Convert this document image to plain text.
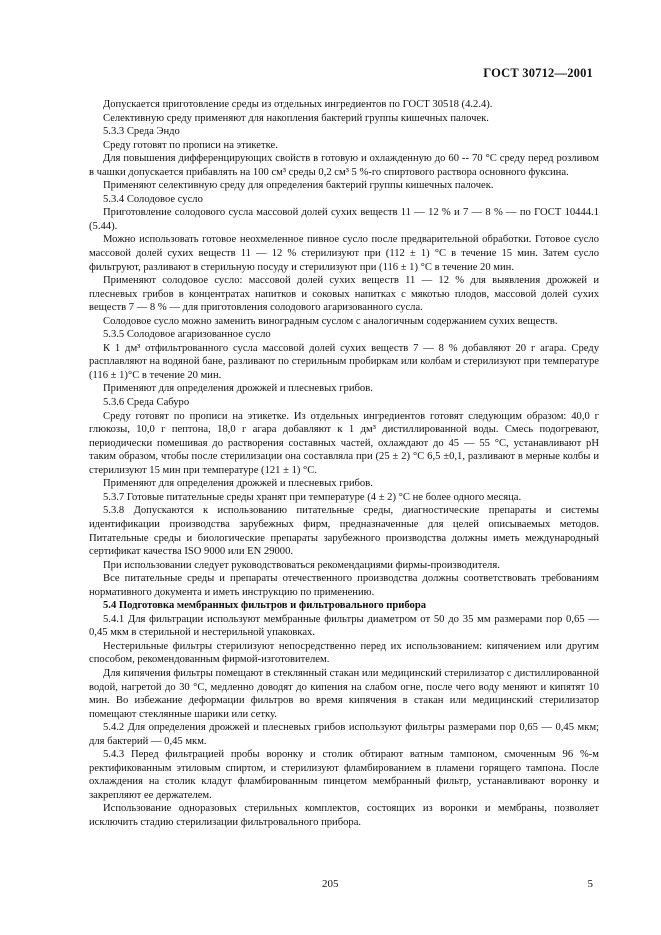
ГОСТ 30712—2001

Допускается приготовление среды из отдельных ингредиентов по ГОСТ 30518 (4.2.4).

Селективную среду применяют для накопления бактерий группы кишечных палочек.

5.3.3 Среда Эндо

Среду готовят по прописи на этикетке.

Для повышения дифференцирующих свойств в готовую и охлажденную до 60 -- 70 °С среду перед розливом в чашки допускается прибавлять на 100 см³ среды 0,2 см³ 5 %-го спиртового раствора основного фуксина.

Применяют селективную среду для определения бактерий группы кишечных палочек.

5.3.4 Солодовое сусло

Приготовление солодового сусла массовой долей сухих веществ 11 — 12 % и 7 — 8 % — по ГОСТ 10444.1 (5.44).

Можно использовать готовое неохмеленное пивное сусло после предварительной обработки. Готовое сусло массовой долей сухих веществ 11 — 12 % стерилизуют при (112 ± 1) °С в течение 15 мин. Затем сусло фильтруют, разливают в стерильную посуду и стерилизуют при (116 ± 1) °С в течение 20 мин.

Применяют солодовое сусло: массовой долей сухих веществ 11 — 12 % для выявления дрожжей и плесневых грибов в концентратах напитков и соковых напитках с мякотью плодов, массовой долей сухих веществ 7 — 8 % — для приготовления солодового агаризованного сусла.

Солодовое сусло можно заменить виноградным суслом с аналогичным содержанием сухих веществ.

5.3.5 Солодовое агаризованное сусло

К 1 дм³ отфильтрованного сусла массовой долей сухих веществ 7 — 8 % добавляют 20 г агара. Среду расплавляют на водяной бане, разливают по стерильным пробиркам или колбам и стерилизуют при температуре (116 ± 1)°С в течение 20 мин.

Применяют для определения дрожжей и плесневых грибов.

5.3.6 Среда Сабуро

Среду готовят по прописи на этикетке. Из отдельных ингредиентов готовят следующим образом: 40,0 г глюкозы, 10,0 г пептона, 18,0 г агара добавляют к 1 дм³ дистиллированной воды. Смесь подогревают, периодически помешивая до растворения составных частей, охлаждают до 45 — 55 °С, устанавливают рН таким образом, чтобы после стерилизации она составляла при (25 ± 2) °С 6,5 ±0,1, разливают в мерные колбы и стерилизуют 15 мин при температуре (121 ± 1) °С.

Применяют для определения дрожжей и плесневых грибов.

5.3.7 Готовые питательные среды хранят при температуре (4 ± 2) °С не более одного месяца.

5.3.8 Допускаются к использованию питательные среды, диагностические препараты и системы идентификации производства зарубежных фирм, предназначенные для целей описываемых методов. Питательные среды и биологические препараты зарубежного производства должны иметь международный сертификат качества ISO 9000 или EN 29000.

При использовании следует руководствоваться рекомендациями фирмы-производителя.

Все питательные среды и препараты отечественного производства должны соответствовать требованиям нормативного документа и иметь инструкцию по применению.

5.4 Подготовка мембранных фильтров и фильтровального прибора

5.4.1 Для фильтрации используют мембранные фильтры диаметром от 50 до 35 мм размерами пор 0,65 — 0,45 мкм в стерильной и нестерильной упаковках.

Нестерильные фильтры стерилизуют непосредственно перед их использованием: кипячением или другим способом, рекомендованным фирмой-изготовителем.

Для кипячения фильтры помещают в стеклянный стакан или медицинский стерилизатор с дистиллированной водой, нагретой до 30 °С, медленно доводят до кипения на слабом огне, после чего воду меняют и кипятят 10 мин. Во избежание деформации фильтров во время кипячения в стакан или медицинский стерилизатор помещают стеклянные шарики или сетку.

5.4.2 Для определения дрожжей и плесневых грибов используют фильтры размерами пор 0,65 — 0,45 мкм; для бактерий — 0,45 мкм.

5.4.3 Перед фильтрацией пробы воронку и столик обтирают ватным тампоном, смоченным 96 %-м ректификованным этиловым спиртом, и стерилизуют фламбированием в пламени горящего тампона. После охлаждения на столик кладут фламбированным пинцетом мембранный фильтр, устанавливают воронку и закрепляют ее держателем.

Использование одноразовых стерильных комплектов, состоящих из воронки и мембраны, позволяет исключить стадию стерилизации фильтровального прибора.

205	5
